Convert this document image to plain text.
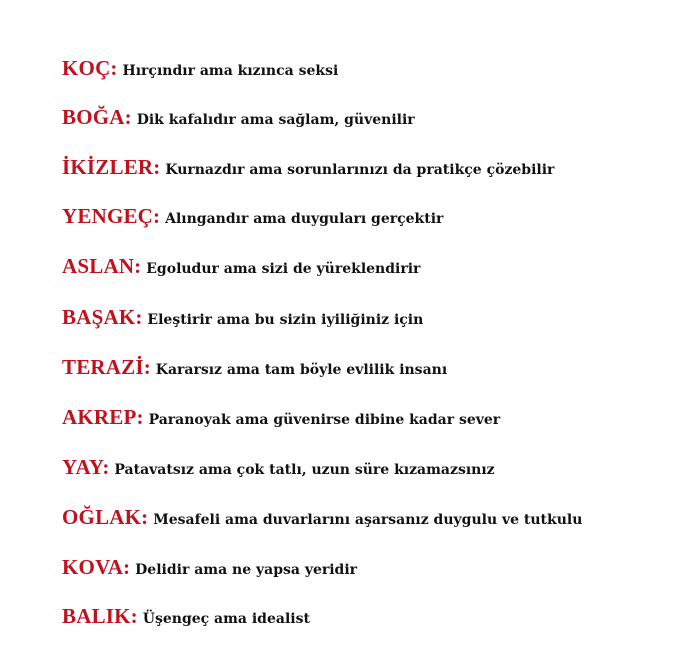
KOÇ: Hırçındır ama kızınca seksi
BOĞA: Dik kafalıdır ama sağlam, güvenilir
İKİZLER: Kurnazdır ama sorunlarınızı da pratikçe çözebilir
YENGEÇ: Alıngandır ama duyguları gerçektir
ASLAN: Egoludur ama sizi de yüreklendirir
BAŞAK: Eleştirir ama bu sizin iyiliğiniz için
TERAZİ: Kararsız ama tam böyle evlilik insanı
AKREP: Paranoyak ama güvenirse dibine kadar sever
YAY: Patavatsız ama çok tatlı, uzun süre kızamazsınız
OĞLAK: Mesafeli ama duvarlarını aşarsanız duygulu ve tutkulu
KOVA: Delidir ama ne yapsa yeridir
BALIK: Üşengeç ama idealist
